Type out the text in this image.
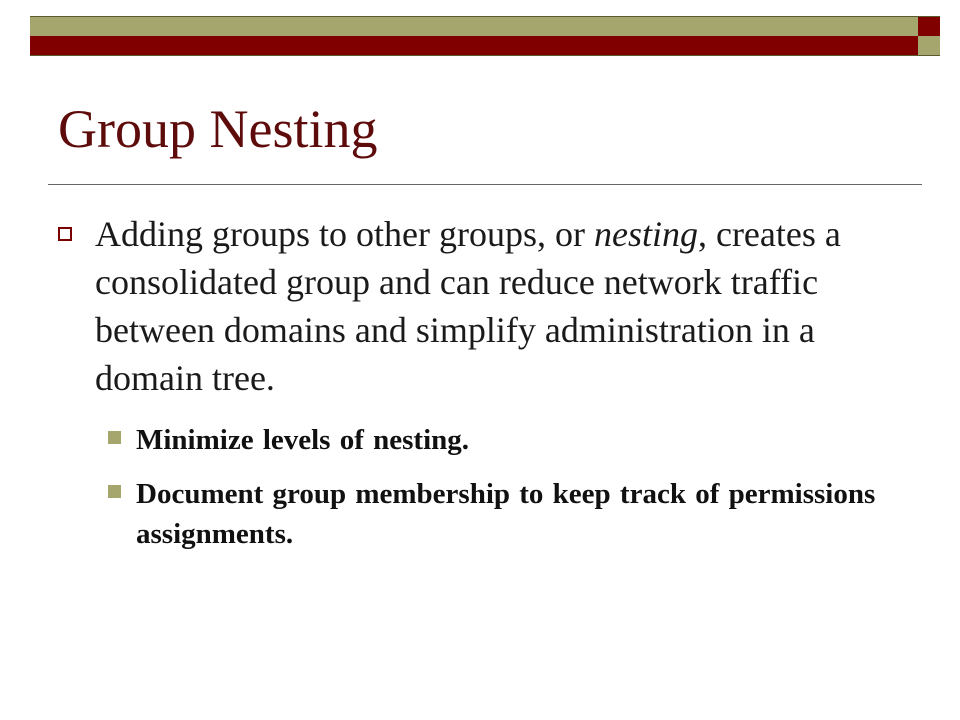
Group Nesting
Adding groups to other groups, or nesting, creates a consolidated group and can reduce network traffic between domains and simplify administration in a domain tree.
Minimize levels of nesting.
Document group membership to keep track of permissions assignments.
